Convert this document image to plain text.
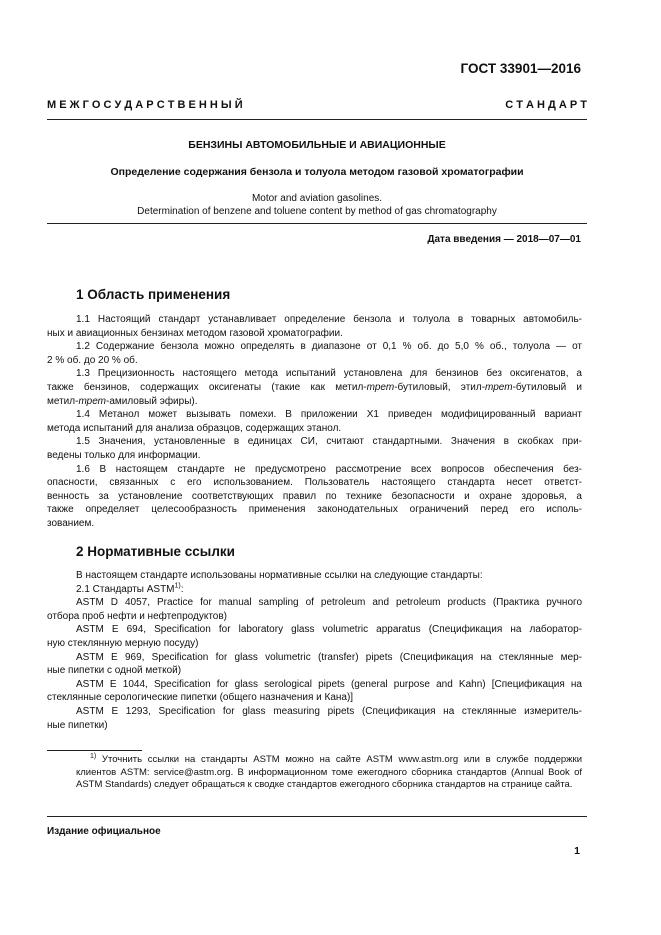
ГОСТ 33901—2016
М Е Ж Г О С У Д А Р С Т В Е Н Н Ы Й	С Т А Н Д А Р Т
БЕНЗИНЫ АВТОМОБИЛЬНЫЕ И АВИАЦИОННЫЕ
Определение содержания бензола и толуола методом газовой хроматографии
Motor and aviation gasolines.
Determination of benzene and toluene content by method of gas chromatography
Дата введения — 2018—07—01
1 Область применения
1.1 Настоящий стандарт устанавливает определение бензола и толуола в товарных автомобиль-
ных и авиационных бензинах методом газовой хроматографии.
1.2 Содержание бензола можно определять в диапазоне от 0,1 % об. до 5,0 % об., толуола — от
2 % об. до 20 % об.
1.3 Прецизионность настоящего метода испытаний установлена для бензинов без оксигенатов, а
также бензинов, содержащих оксигенаты (такие как метил-трет-бутиловый, этил-трет-бутиловый и
метил-трет-амиловый эфиры).
1.4 Метанол может вызывать помехи. В приложении X1 приведен модифицированный вариант
метода испытаний для анализа образцов, содержащих этанол.
1.5 Значения, установленные в единицах СИ, считают стандартными. Значения в скобках при-
ведены только для информации.
1.6 В настоящем стандарте не предусмотрено рассмотрение всех вопросов обеспечения без-
опасности, связанных с его использованием. Пользователь настоящего стандарта несет ответст-
венность за установление соответствующих правил по технике безопасности и охране здоровья, а
также определяет целесообразность применения законодательных ограничений перед его исполь-
зованием.
2 Нормативные ссылки
В настоящем стандарте использованы нормативные ссылки на следующие стандарты:
2.1 Стандарты ASTM$^{1)}$:
ASTM D 4057, Practice for manual sampling of petroleum and petroleum products (Практика ручного
отбора проб нефти и нефтепродуктов)
ASTM E 694, Specification for laboratory glass volumetric apparatus (Спецификация на лаборатор-
ную стеклянную мерную посуду)
ASTM E 969, Specification for glass volumetric (transfer) pipets (Спецификация на стеклянные мер-
ные пипетки с одной меткой)
ASTM E 1044, Specification for glass serological pipets (general purpose and Kahn) [Спецификация на
стеклянные серологические пипетки (общего назначения и Кана)]
ASTM E 1293, Specification for glass measuring pipets (Спецификация на стеклянные измеритель-
ные пипетки)
$^{1)}$ Уточнить ссылки на стандарты ASTM можно на сайте ASTM www.astm.org или в службе поддержки клиентов ASTM: service@astm.org. В информационном томе ежегодного сборника стандартов (Annual Book of ASTM Standards) следует обращаться к сводке стандартов ежегодного сборника стандартов на странице сайта.
Издание официальное
1
